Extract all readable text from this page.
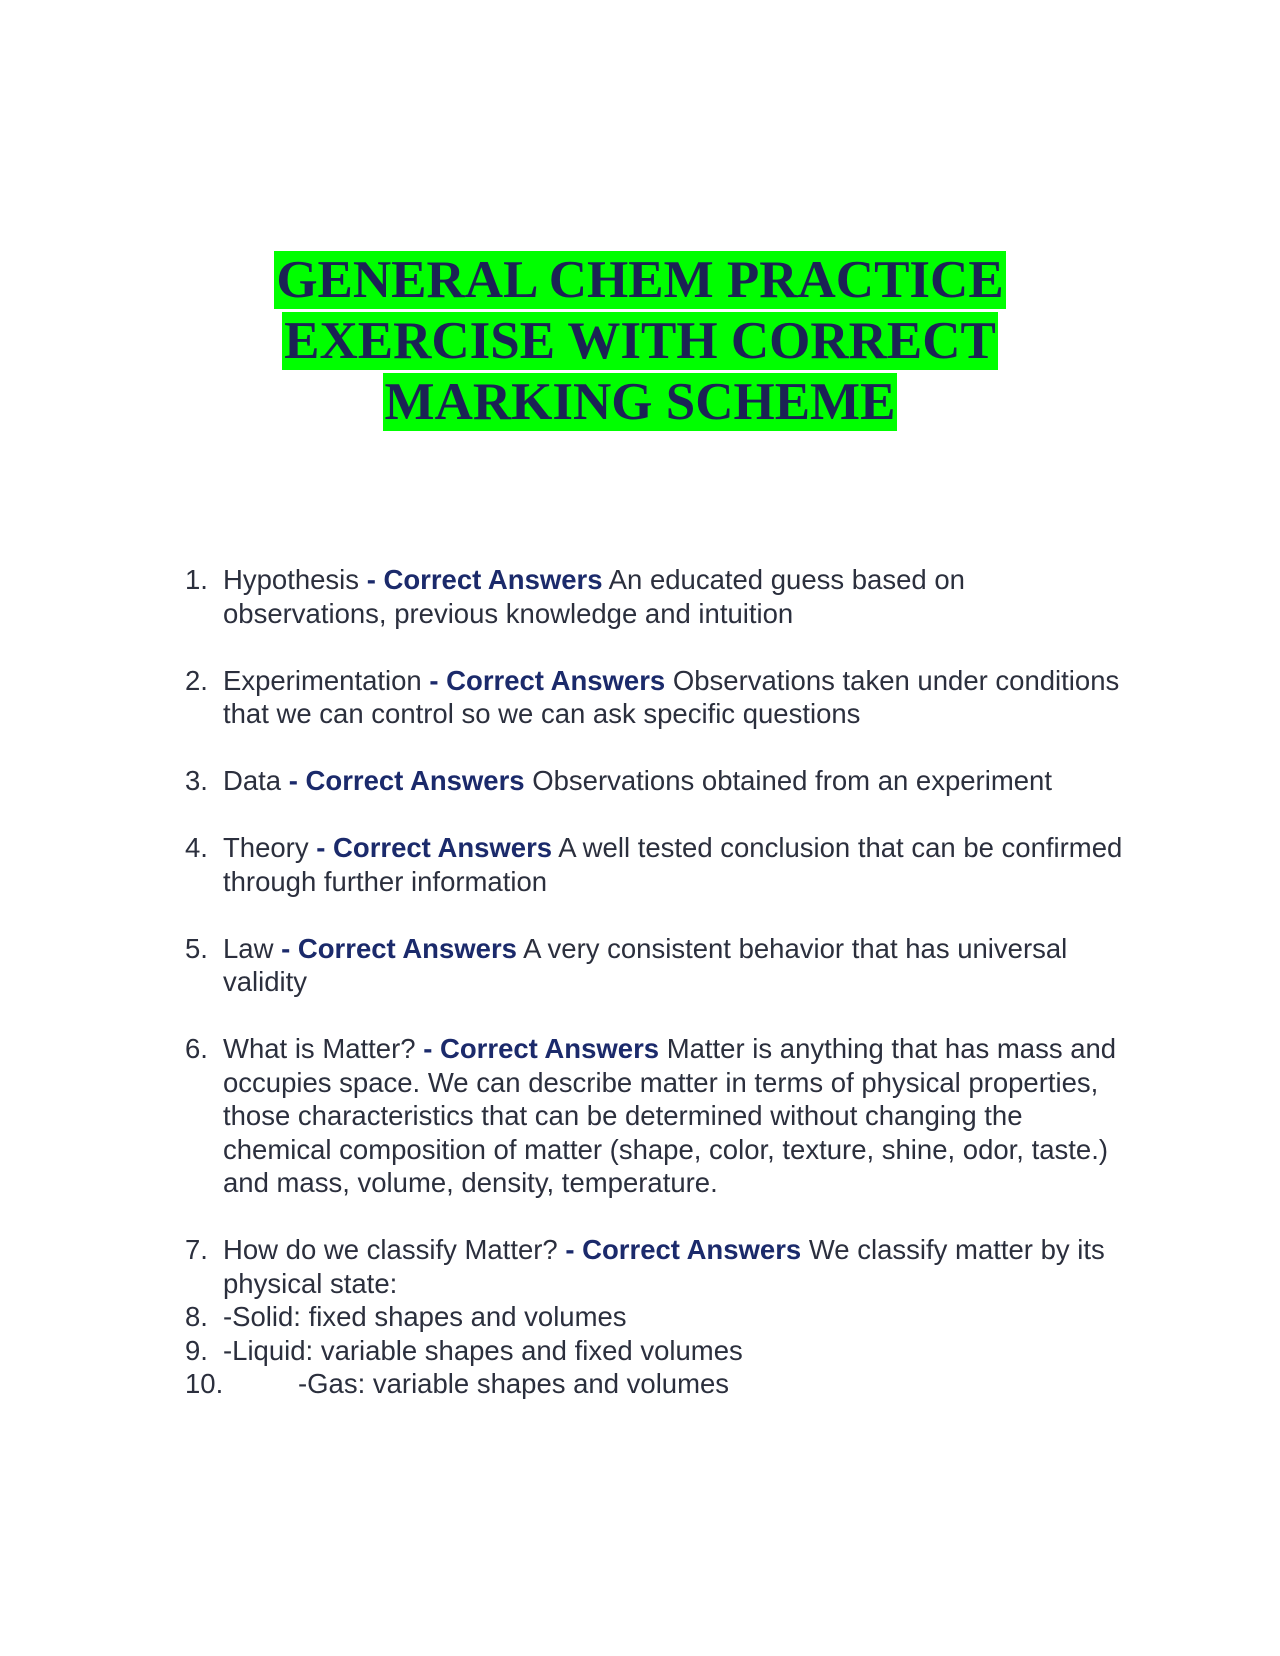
GENERAL CHEM PRACTICE
EXERCISE WITH CORRECT
MARKING SCHEME
1. Hypothesis - Correct Answers An educated guess based on observations, previous knowledge and intuition
2. Experimentation - Correct Answers Observations taken under conditions that we can control so we can ask specific questions
3. Data - Correct Answers Observations obtained from an experiment
4. Theory - Correct Answers A well tested conclusion that can be confirmed through further information
5. Law - Correct Answers A very consistent behavior that has universal validity
6. What is Matter? - Correct Answers Matter is anything that has mass and occupies space. We can describe matter in terms of physical properties, those characteristics that can be determined without changing the chemical composition of matter (shape, color, texture, shine, odor, taste.) and mass, volume, density, temperature.
7. How do we classify Matter? - Correct Answers We classify matter by its physical state:
8. -Solid: fixed shapes and volumes
9. -Liquid: variable shapes and fixed volumes
10.	-Gas: variable shapes and volumes
